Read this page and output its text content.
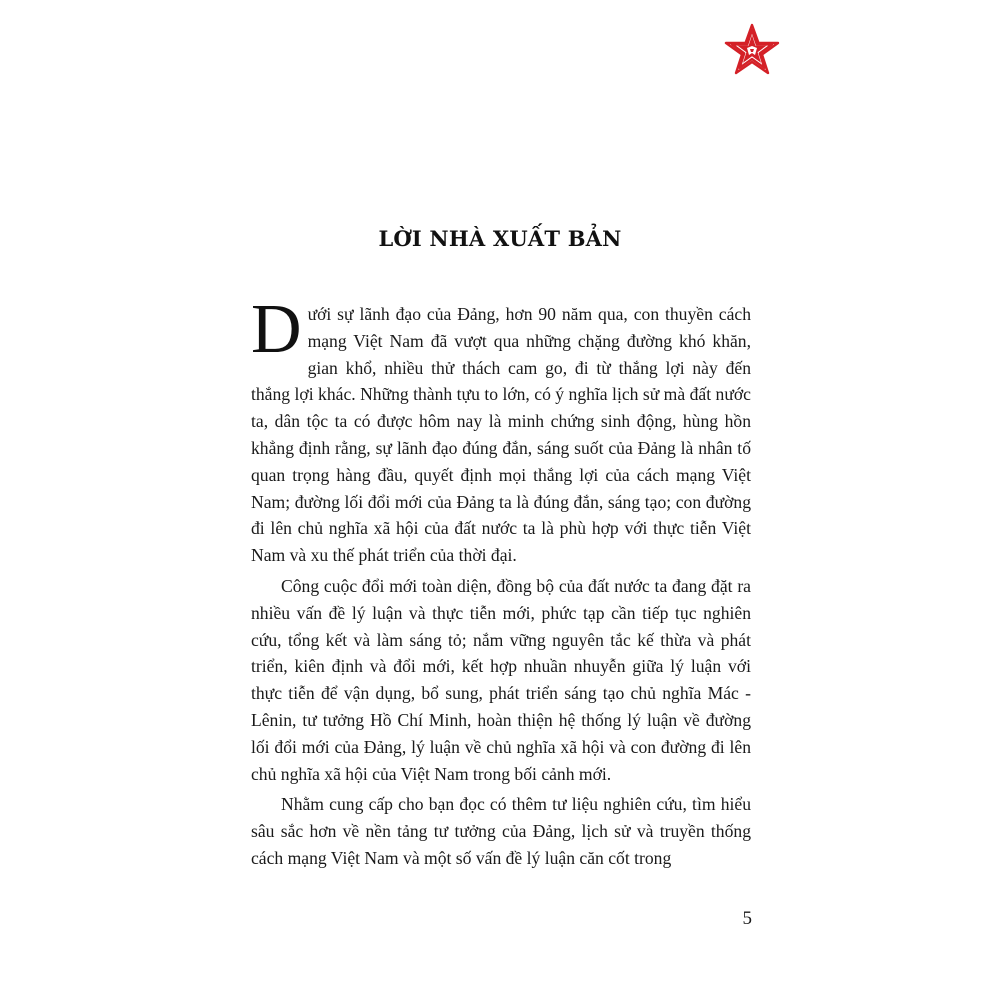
LỜI NHÀ XUẤT BẢN

Dưới sự lãnh đạo của Đảng, hơn 90 năm qua, con thuyền cách mạng Việt Nam đã vượt qua những chặng đường khó khăn, gian khổ, nhiều thử thách cam go, đi từ thắng lợi này đến thắng lợi khác. Những thành tựu to lớn, có ý nghĩa lịch sử mà đất nước ta, dân tộc ta có được hôm nay là minh chứng sinh động, hùng hồn khẳng định rằng, sự lãnh đạo đúng đắn, sáng suốt của Đảng là nhân tố quan trọng hàng đầu, quyết định mọi thắng lợi của cách mạng Việt Nam; đường lối đổi mới của Đảng ta là đúng đắn, sáng tạo; con đường đi lên chủ nghĩa xã hội của đất nước ta là phù hợp với thực tiễn Việt Nam và xu thế phát triển của thời đại.

Công cuộc đổi mới toàn diện, đồng bộ của đất nước ta đang đặt ra nhiều vấn đề lý luận và thực tiễn mới, phức tạp cần tiếp tục nghiên cứu, tổng kết và làm sáng tỏ; nắm vững nguyên tắc kế thừa và phát triển, kiên định và đổi mới, kết hợp nhuần nhuyễn giữa lý luận với thực tiễn để vận dụng, bổ sung, phát triển sáng tạo chủ nghĩa Mác - Lênin, tư tưởng Hồ Chí Minh, hoàn thiện hệ thống lý luận về đường lối đổi mới của Đảng, lý luận về chủ nghĩa xã hội và con đường đi lên chủ nghĩa xã hội của Việt Nam trong bối cảnh mới.

Nhằm cung cấp cho bạn đọc có thêm tư liệu nghiên cứu, tìm hiểu sâu sắc hơn về nền tảng tư tưởng của Đảng, lịch sử và truyền thống cách mạng Việt Nam và một số vấn đề lý luận căn cốt trong

5
